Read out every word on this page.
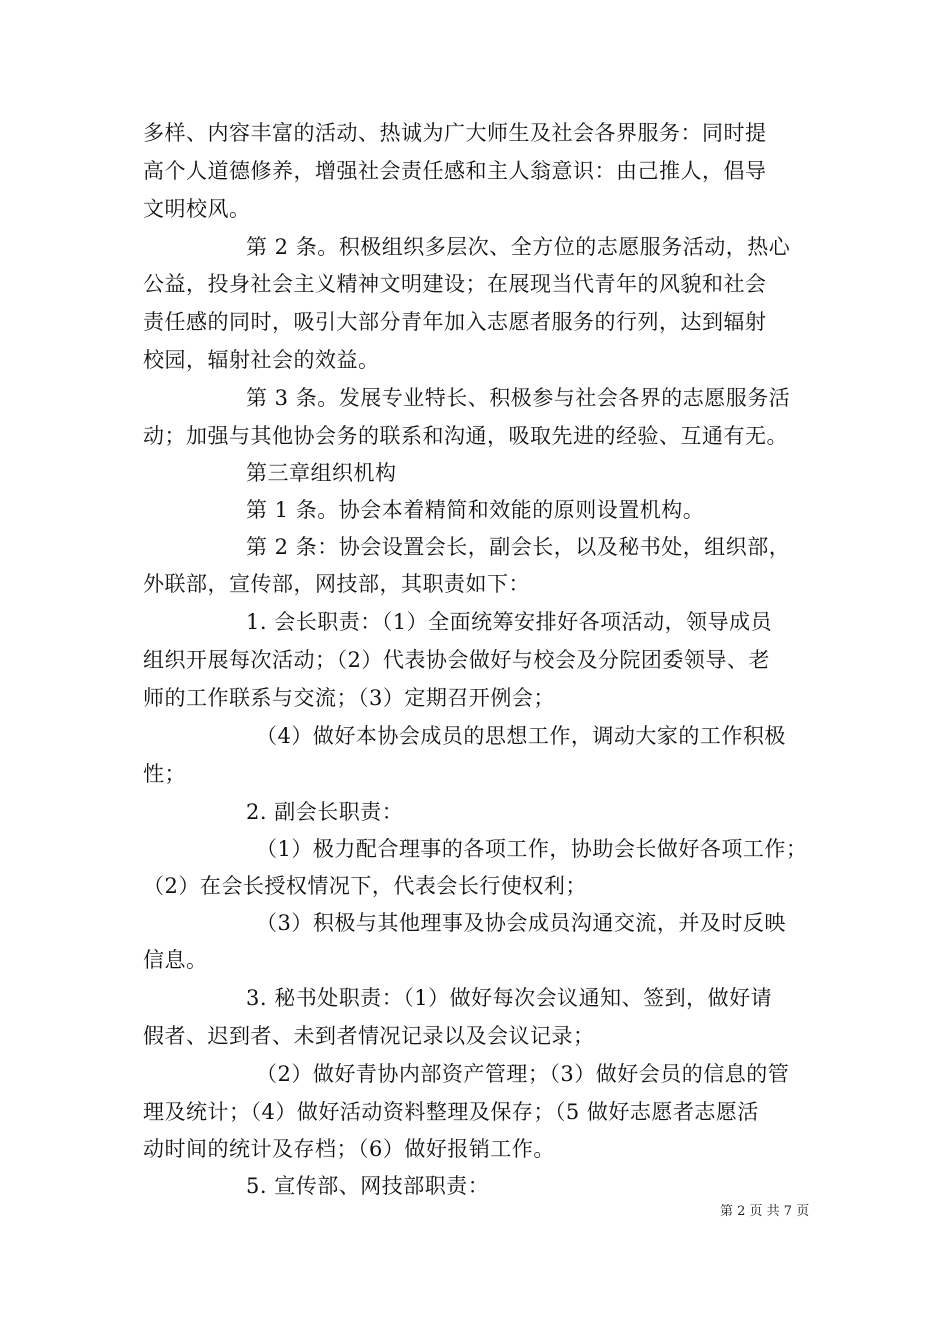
多样、内容丰富的活动、热诚为广大师生及社会各界服务：同时提
高个人道德修养，增强社会责任感和主人翁意识：由己推人，倡导
文明校风。
第 2 条。积极组织多层次、全方位的志愿服务活动，热心
公益，投身社会主义精神文明建设；在展现当代青年的风貌和社会
责任感的同时，吸引大部分青年加入志愿者服务的行列，达到辐射
校园，辐射社会的效益。
第 3 条。发展专业特长、积极参与社会各界的志愿服务活
动；加强与其他协会务的联系和沟通，吸取先进的经验、互通有无。
第三章组织机构
第 1 条。协会本着精简和效能的原则设置机构。
第 2 条：协会设置会长，副会长，以及秘书处，组织部，
外联部，宣传部，网技部，其职责如下：
1. 会长职责：（1）全面统筹安排好各项活动，领导成员
组织开展每次活动；（2）代表协会做好与校会及分院团委领导、老
师的工作联系与交流；（3）定期召开例会；
（4）做好本协会成员的思想工作，调动大家的工作积极
性；
2. 副会长职责：
（1）极力配合理事的各项工作，协助会长做好各项工作；
（2）在会长授权情况下，代表会长行使权利；
（3）积极与其他理事及协会成员沟通交流，并及时反映
信息。
3. 秘书处职责：（1）做好每次会议通知、签到，做好请
假者、迟到者、未到者情况记录以及会议记录；
（2）做好青协内部资产管理；（3）做好会员的信息的管
理及统计；（4）做好活动资料整理及保存；（5 做好志愿者志愿活
动时间的统计及存档；（6）做好报销工作。
5. 宣传部、网技部职责：
第 2 页 共 7 页
